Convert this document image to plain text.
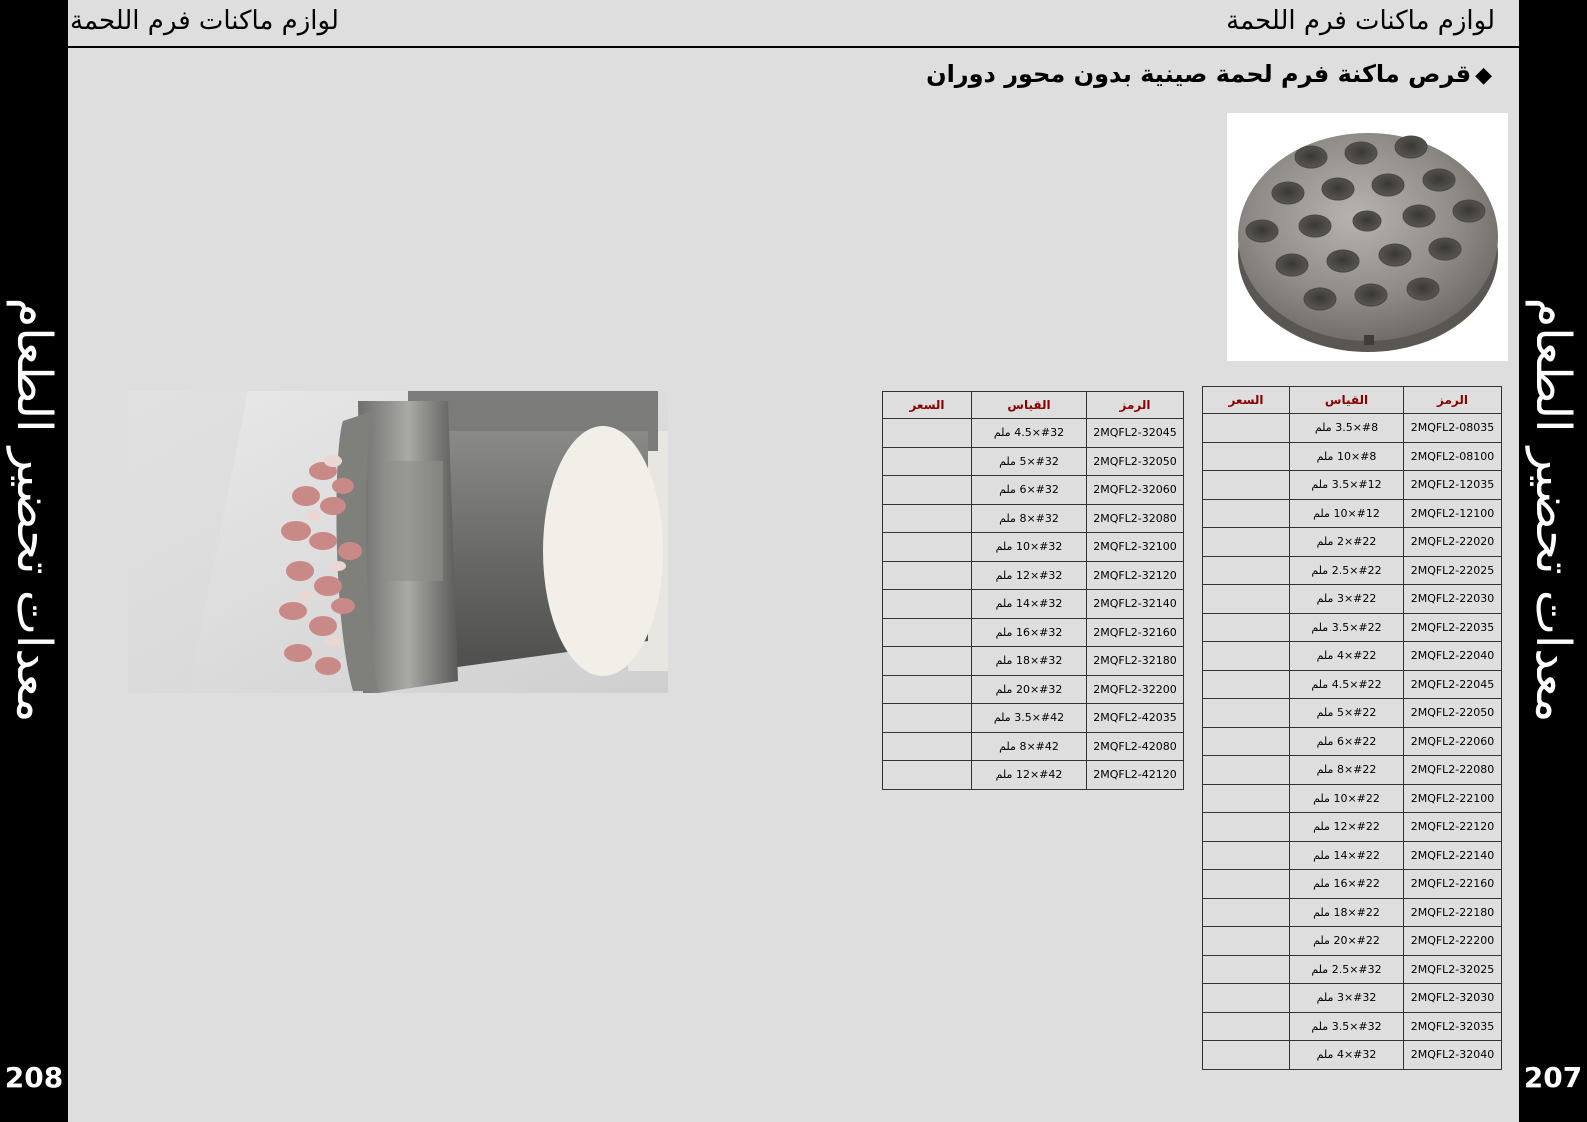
معدات تحضير الطعام
208
معدات تحضير الطعام
207
لوازم ماكنات فرم اللحمة	لوازم ماكنات فرم اللحمة
◆قرص ماكنة فرم لحمة صينية بدون محور دوران
الرمز	القياس	السعر
2MQFL2-08035	#8×3.5 ملم	
2MQFL2-08100	#8×10 ملم	
2MQFL2-12035	#12×3.5 ملم	
2MQFL2-12100	#12×10 ملم	
2MQFL2-22020	#22×2 ملم	
2MQFL2-22025	#22×2.5 ملم	
2MQFL2-22030	#22×3 ملم	
2MQFL2-22035	#22×3.5 ملم	
2MQFL2-22040	#22×4 ملم	
2MQFL2-22045	#22×4.5 ملم	
2MQFL2-22050	#22×5 ملم	
2MQFL2-22060	#22×6 ملم	
2MQFL2-22080	#22×8 ملم	
2MQFL2-22100	#22×10 ملم	
2MQFL2-22120	#22×12 ملم	
2MQFL2-22140	#22×14 ملم	
2MQFL2-22160	#22×16 ملم	
2MQFL2-22180	#22×18 ملم	
2MQFL2-22200	#22×20 ملم	
2MQFL2-32025	#32×2.5 ملم	
2MQFL2-32030	#32×3 ملم	
2MQFL2-32035	#32×3.5 ملم	
2MQFL2-32040	#32×4 ملم	
الرمز	القياس	السعر
2MQFL2-32045	#32×4.5 ملم	
2MQFL2-32050	#32×5 ملم	
2MQFL2-32060	#32×6 ملم	
2MQFL2-32080	#32×8 ملم	
2MQFL2-32100	#32×10 ملم	
2MQFL2-32120	#32×12 ملم	
2MQFL2-32140	#32×14 ملم	
2MQFL2-32160	#32×16 ملم	
2MQFL2-32180	#32×18 ملم	
2MQFL2-32200	#32×20 ملم	
2MQFL2-42035	#42×3.5 ملم	
2MQFL2-42080	#42×8 ملم	
2MQFL2-42120	#42×12 ملم	
